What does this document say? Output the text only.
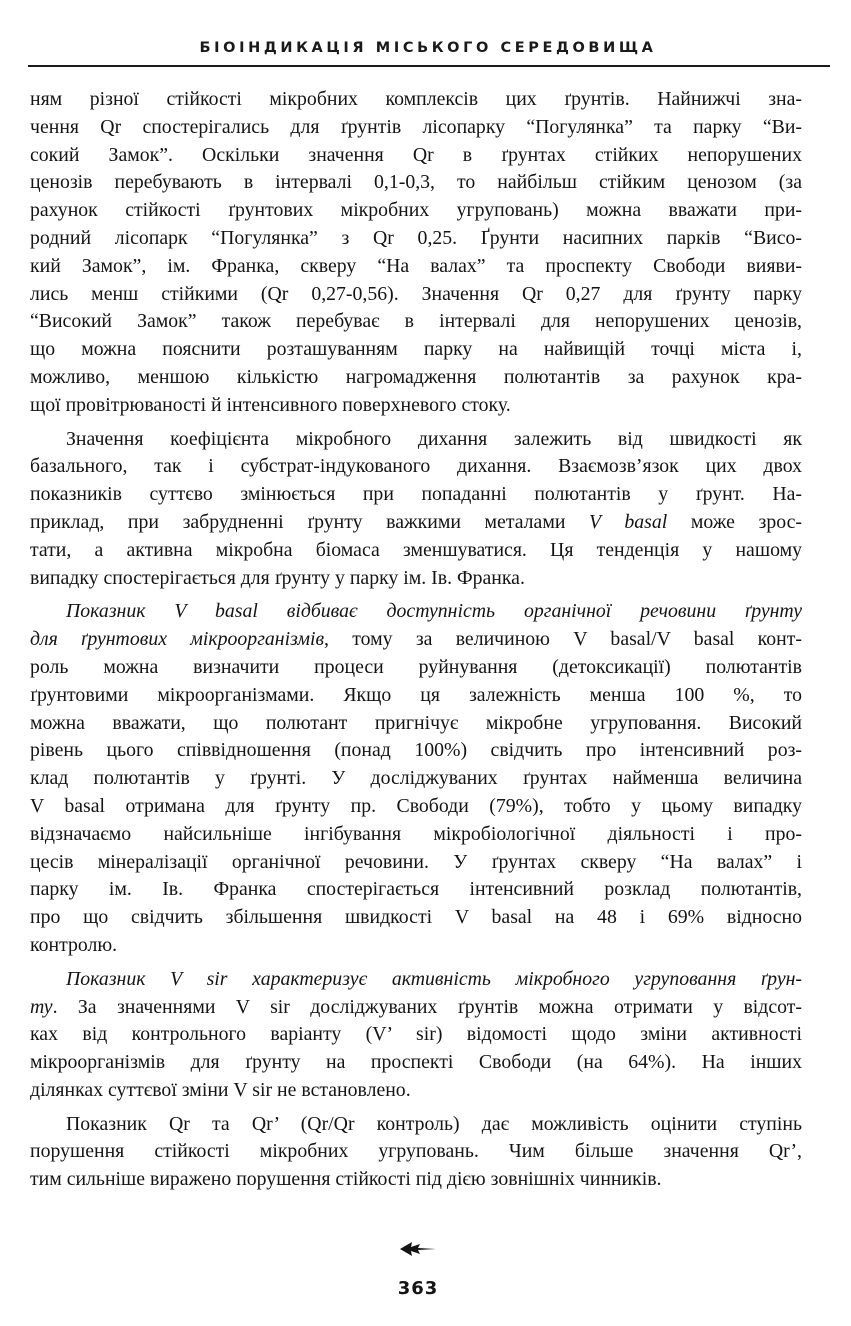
БІОІНДИКАЦІЯ МІСЬКОГО СЕРЕДОВИЩА

ням різної стійкості мікробних комплексів цих ґрунтів. Найнижчі зна-
чення Qr спостерігались для ґрунтів лісопарку “Погулянка” та парку “Ви-
сокий Замок”. Оскільки значення Qr в ґрунтах стійких непорушених
ценозів перебувають в інтервалі 0,1-0,3, то найбільш стійким ценозом (за
рахунок стійкості ґрунтових мікробних угруповань) можна вважати при-
родний лісопарк “Погулянка” з Qr 0,25. Ґрунти насипних парків “Висо-
кий Замок”, ім. Франка, скверу “На валах” та проспекту Свободи вияви-
лись менш стійкими (Qr 0,27-0,56). Значення Qr 0,27 для ґрунту парку
“Високий Замок” також перебуває в інтервалі для непорушених ценозів,
що можна пояснити розташуванням парку на найвищій точці міста і,
можливо, меншою кількістю нагромадження полютантів за рахунок кра-
щої провітрюваності й інтенсивного поверхневого стоку.

Значення коефіцієнта мікробного дихання залежить від швидкості як
базального, так і субстрат-індукованого дихання. Взаємозв’язок цих двох
показників суттєво змінюється при попаданні полютантів у ґрунт. На-
приклад, при забрудненні ґрунту важкими металами V basal може зрос-
тати, а активна мікробна біомаса зменшуватися. Ця тенденція у нашому
випадку спостерігається для ґрунту у парку ім. Ів. Франка.

Показник V basal відбиває доступність органічної речовини ґрунту
для ґрунтових мікроорганізмів, тому за величиною V basal/V basal конт-
роль можна визначити процеси руйнування (детоксикації) полютантів
ґрунтовими мікроорганізмами. Якщо ця залежність менша 100 %, то
можна вважати, що полютант пригнічує мікробне угруповання. Високий
рівень цього співвідношення (понад 100%) свідчить про інтенсивний роз-
клад полютантів у ґрунті. У досліджуваних ґрунтах найменша величина
V basal отримана для ґрунту пр. Свободи (79%), тобто у цьому випадку
відзначаємо найсильніше інгібування мікробіологічної діяльності і про-
цесів мінералізації органічної речовини. У ґрунтах скверу “На валах” і
парку ім. Ів. Франка спостерігається інтенсивний розклад полютантів,
про що свідчить збільшення швидкості V basal на 48 і 69% відносно
контролю.

Показник V sir характеризує активність мікробного угруповання ґрун-
ту. За значеннями V sir досліджуваних ґрунтів можна отримати у відсот-
ках від контрольного варіанту (V’ sir) відомості щодо зміни активності
мікроорганізмів для ґрунту на проспекті Свободи (на 64%). На інших
ділянках суттєвої зміни V sir не встановлено.

Показник Qr та Qr’ (Qr/Qr контроль) дає можливість оцінити ступінь
порушення стійкості мікробних угруповань. Чим більше значення Qr’,
тим сильніше виражено порушення стійкості під дією зовнішніх чинників.

363
